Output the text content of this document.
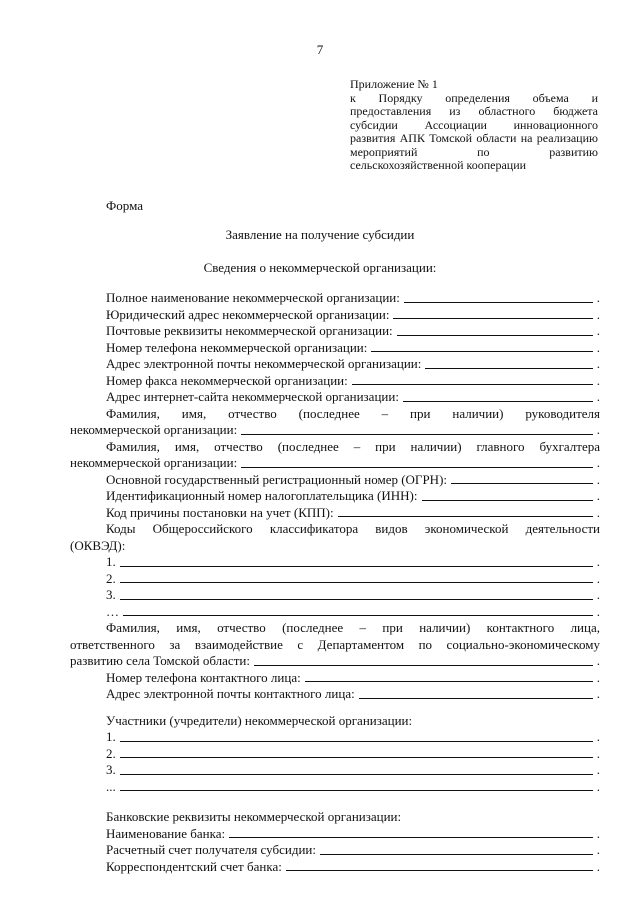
7
Приложение № 1
к Порядку определения объема и предоставления из областного бюджета субсидии Ассоциации инновационного развития АПК Томской области на реализацию мероприятий по развитию сельскохозяйственной кооперации
Форма
Заявление на получение субсидии
Сведения о некоммерческой организации:
Полное наименование некоммерческой организации:	.
Юридический адрес некоммерческой организации:	.
Почтовые реквизиты некоммерческой организации:	.
Номер телефона некоммерческой организации:	.
Адрес электронной почты некоммерческой организации:	.
Номер факса некоммерческой организации:	.
Адрес интернет-сайта некоммерческой организации:	.
Фамилия, имя, отчество (последнее – при наличии) руководителя
некоммерческой организации:	.
Фамилия, имя, отчество (последнее – при наличии) главного бухгалтера
некоммерческой организации:	.
Основной государственный регистрационный номер (ОГРН):	.
Идентификационный номер налогоплательщика (ИНН):	.
Код причины постановки на учет (КПП):	.
Коды Общероссийского классификатора видов экономической деятельности
(ОКВЭД):
1.	.
2.	.
3.	.
…	.
Фамилия, имя, отчество (последнее – при наличии) контактного лица,
ответственного за взаимодействие с Департаментом по социально-экономическому
развитию села Томской области:	.
Номер телефона контактного лица:	.
Адрес электронной почты контактного лица:	.
Участники (учредители) некоммерческой организации:
1.	.
2.	.
3.	.
...	.
Банковские реквизиты некоммерческой организации:
Наименование банка:	.
Расчетный счет получателя субсидии:	.
Корреспондентский счет банка:	.
